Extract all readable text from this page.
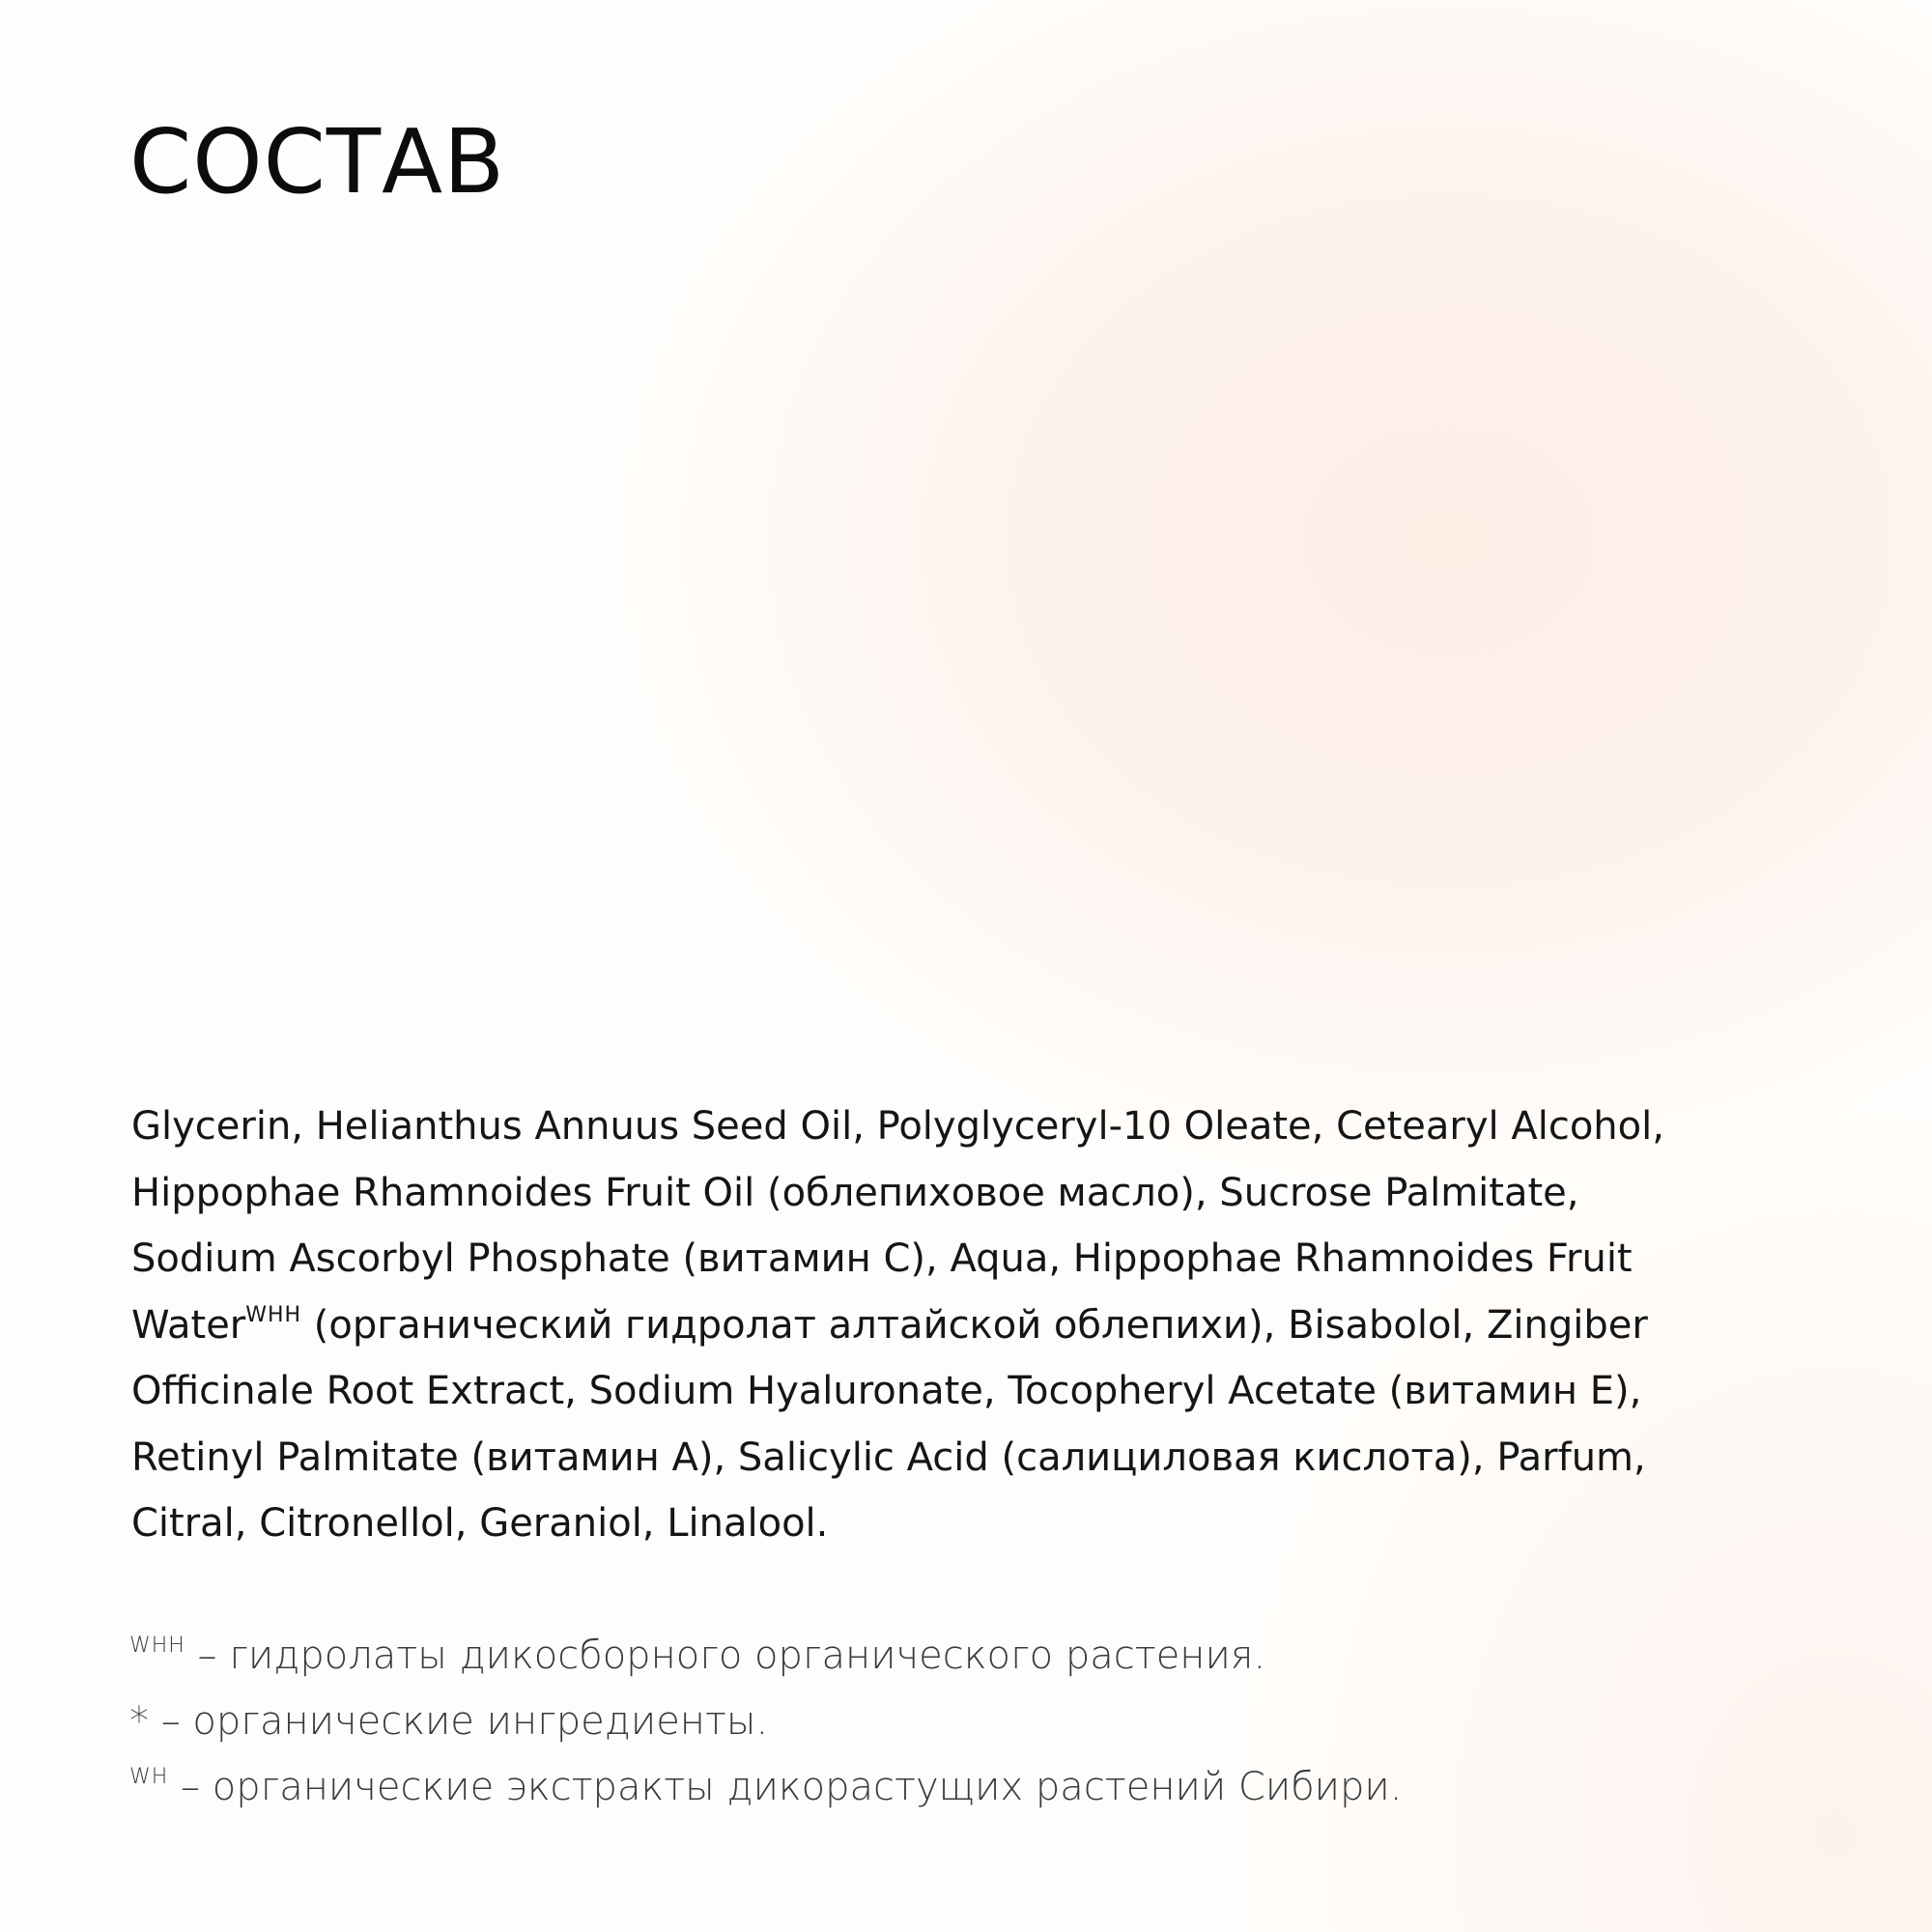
СОСТАВ

Glycerin, Helianthus Annuus Seed Oil, Polyglyceryl-10 Oleate, Cetearyl Alcohol,
Hippophae Rhamnoides Fruit Oil (облепиховое масло), Sucrose Palmitate,
Sodium Ascorbyl Phosphate (витамин С), Aqua, Hippophae Rhamnoides Fruit
Water$^{WHH}$ (органический гидролат алтайской облепихи), Bisabolol, Zingiber
Officinale Root Extract, Sodium Hyaluronate, Tocopheryl Acetate (витамин Е),
Retinyl Palmitate (витамин А), Salicylic Acid (салициловая кислота), Parfum,
Citral, Citronellol, Geraniol, Linalool.

$^{WHH}$ – гидролаты дикосборного органического растения.
* – органические ингредиенты.
$^{WH}$ – органические экстракты дикорастущих растений Сибири.
